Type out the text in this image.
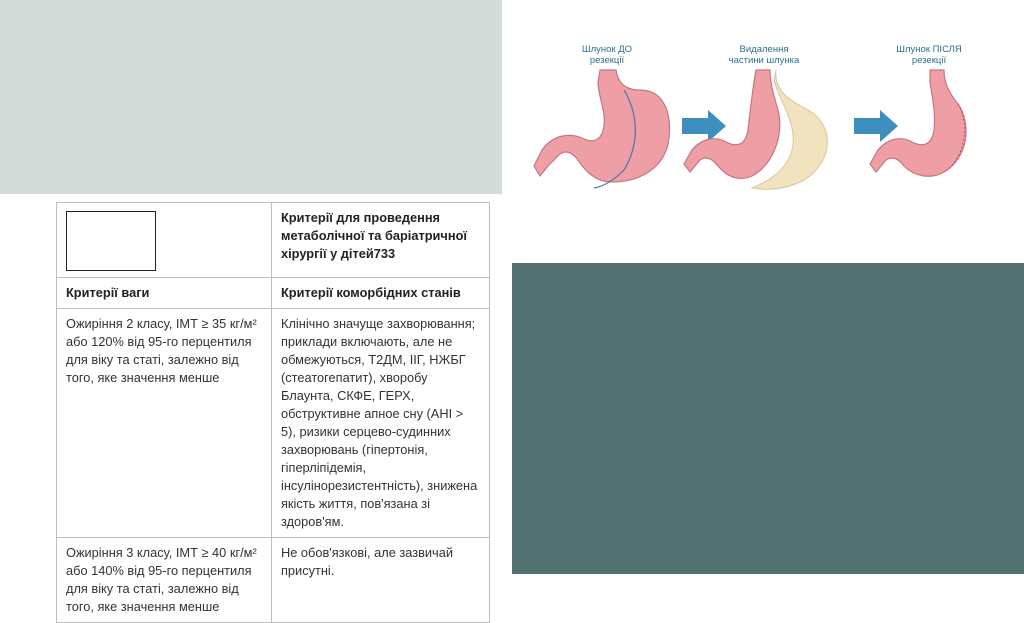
Шлунок ДО
резекції
Видалення
частини шлунка
Шлунок ПІСЛЯ
резекції
	Критерії для проведення метаболічної та баріатричної хірургії у дітей733
Критерії ваги	Критерії коморбідних станів
Ожиріння 2 класу, ІМТ ≥ 35 кг/м² або 120% від 95-го перцентиля для віку та статі, залежно від того, яке значення менше	Клінічно значуще захворювання; приклади включають, але не обмежуються, Т2ДМ, ІІГ, НЖБГ (стеатогепатит), хворобу Блаунта, СКФЕ, ГЕРХ, обструктивне апное сну (АНІ > 5), ризики серцево-судинних захворювань (гіпертонія, гіперліпідемія, інсулінорезистентність), знижена якість життя, пов'язана зі здоров'ям.
Ожиріння 3 класу, ІМТ ≥ 40 кг/м² або 140% від 95-го перцентиля для віку та статі, залежно від того, яке значення менше	Не обов'язкові, але зазвичай присутні.
